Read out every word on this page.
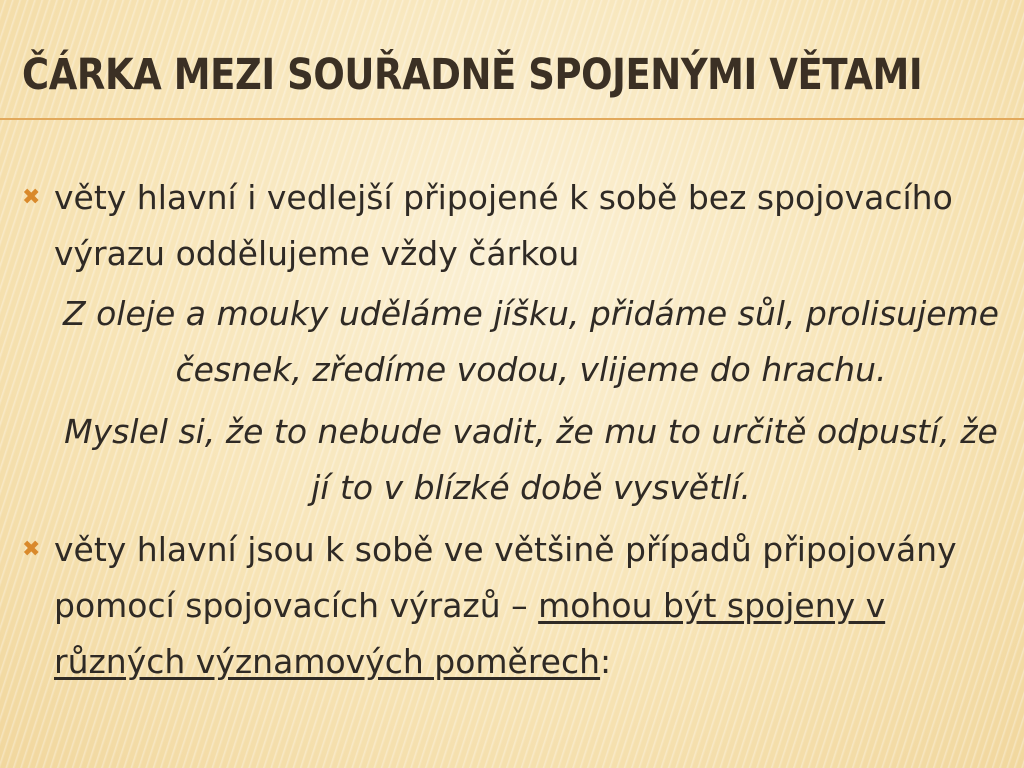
ČÁRKA MEZI SOUŘADNĚ SPOJENÝMI VĚTAMI
✖ věty hlavní i vedlejší připojené k sobě bez spojovacího výrazu oddělujeme vždy čárkou
Z oleje a mouky uděláme jíšku, přidáme sůl, prolisujeme česnek, zředíme vodou, vlijeme do hrachu.
Myslel si, že to nebude vadit, že mu to určitě odpustí, že jí to v blízké době vysvětlí.
✖ věty hlavní jsou k sobě ve většině případů připojovány pomocí spojovacích výrazů – mohou být spojeny v různých významových poměrech:
